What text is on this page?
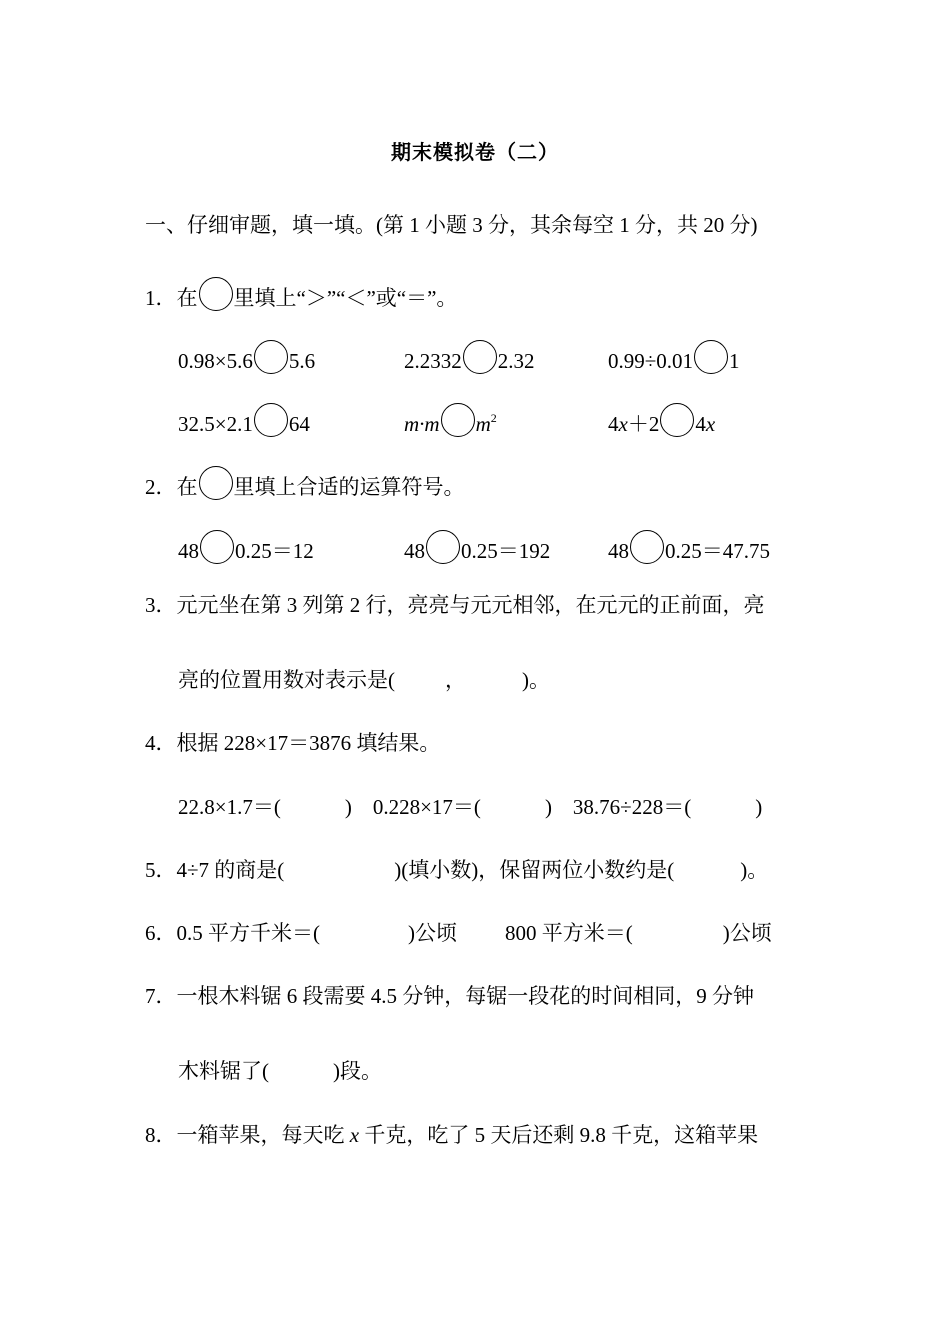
期末模拟卷（二）
一、仔细审题，填一填。(第 1 小题 3 分，其余每空 1 分，共 20 分)
1．在 里填上“＞”“＜”或“＝”。
0.98×5.6 5.6	2.2332 2.32	0.99÷0.01 1
32.5×2.1 64	m·m $m^2$	4x＋2 4x
2．在 里填上合适的运算符号。
48 0.25＝12	48 0.25＝192	48 0.25＝47.75
3．元元坐在第 3 列第 2 行，亮亮与元元相邻，在元元的正前面，亮
亮的位置用数对表示是( ，	)。
4．根据 228×17＝3876 填结果。
22.8×1.7＝(	)　0.228×17＝(	)　38.76÷228＝(	)
5．4÷7 的商是(	)(填小数)，保留两位小数约是(	)。
6．0.5 平方千米＝(	)公顷 800 平方米＝(	)公顷
7．一根木料锯 6 段需要 4.5 分钟，每锯一段花的时间相同，9 分钟
木料锯了(	)段。
8．一箱苹果，每天吃 x 千克，吃了 5 天后还剩 9.8 千克，这箱苹果
